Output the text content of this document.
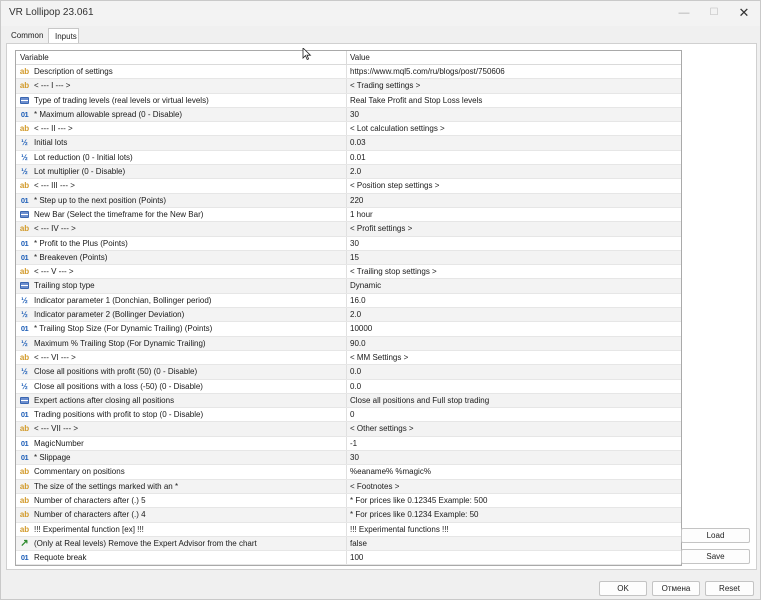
VR Lollipop 23.061	—	☐	✕
Common	Inputs
Variable	Value
ab Description of settings	https://www.mql5.com/ru/blogs/post/750606
ab < --- I --- >	< Trading settings >
Type of trading levels (real levels or virtual levels)	Real Take Profit and Stop Loss levels
01 * Maximum allowable spread (0 - Disable)	30
ab < --- II --- >	< Lot calculation settings >
½ Initial lots	0.03
½ Lot reduction (0 - Initial lots)	0.01
½ Lot multiplier (0 - Disable)	2.0
ab < --- III --- >	< Position step settings >
01 * Step up to the next position (Points)	220
New Bar (Select the timeframe for the New Bar)	1 hour
ab < --- IV --- >	< Profit settings >
01 * Profit to the Plus (Points)	30
01 * Breakeven (Points)	15
ab < --- V --- >	< Trailing stop settings >
Trailing stop type	Dynamic
½ Indicator parameter 1 (Donchian, Bollinger period)	16.0
½ Indicator parameter 2 (Bollinger Deviation)	2.0
01 * Trailing Stop Size (For Dynamic Trailing) (Points)	10000
½ Maximum % Trailing Stop (For Dynamic Trailing)	90.0
ab < --- VI --- >	< MM Settings >
½ Close all positions with profit (50) (0 - Disable)	0.0
½ Close all positions with a loss (-50) (0 - Disable)	0.0
Expert actions after closing all positions	Close all positions and Full stop trading
01 Trading positions with profit to stop (0 - Disable)	0
ab < --- VII --- >	< Other settings >
01 MagicNumber	-1
01 * Slippage	30
ab Commentary on positions	%eaname% %magic%
ab The size of the settings marked with an *	< Footnotes >
ab Number of characters after (.) 5	* For prices like 0.12345 Example: 500
ab Number of characters after (.) 4	* For prices like 0.1234 Example: 50
ab !!! Experimental function [ex] !!!	!!! Experimental functions !!!
↗ (Only at Real levels) Remove the Expert Advisor from the chart	false
01 Requote break	100
Load
Save
OK	Отмена	Reset
